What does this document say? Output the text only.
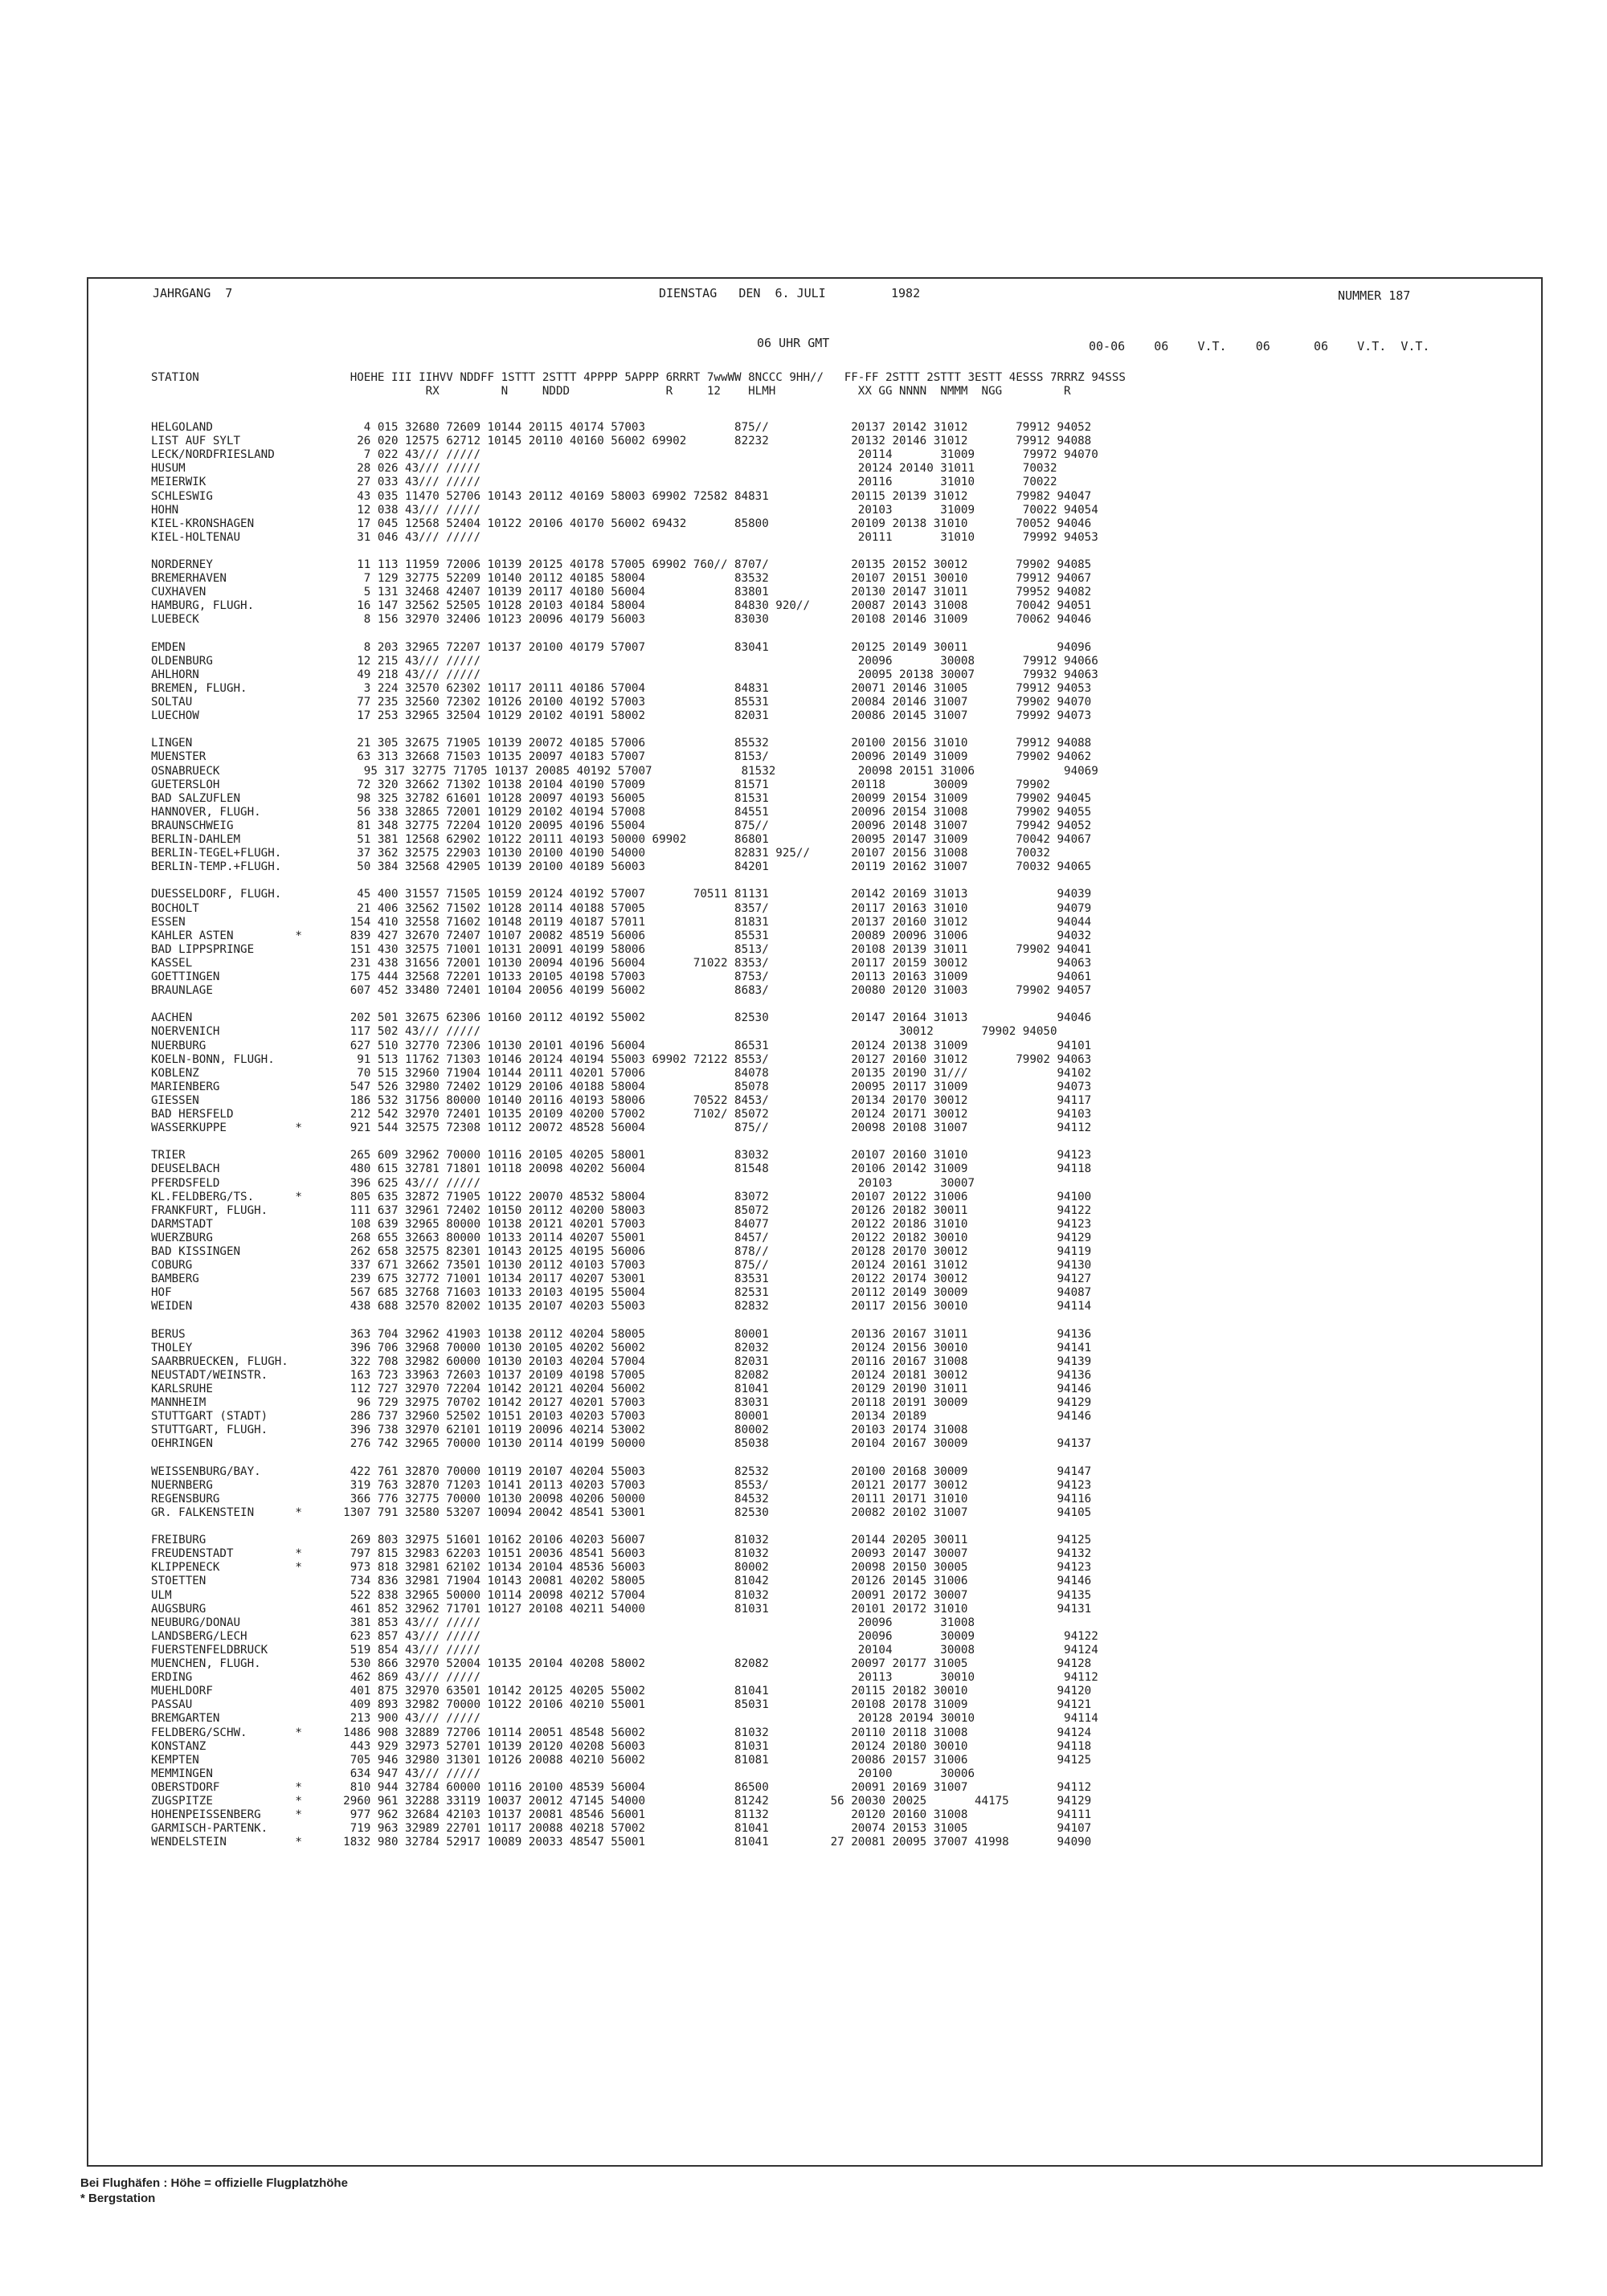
JAHRGANG  7	DIENSTAG   DEN  6. JULI         1982	NUMMER 187
06 UHR GMT	00-06    06    V.T.    06      06    V.T.  V.T.
STATION                      HOEHE III IIHVV NDDFF 1STTT 2STTT 4PPPP 5APPP 6RRRT 7wwWW 8NCCC 9HH//   FF-FF 2STTT 2STTT 3ESTT 4ESSS 7RRRZ 94SSS
RX         N     NDDD              R     12    HLMH            XX GG NNNN  NMMM  NGG         R
HELGOLAND                      4 015 32680 72609 10144 20115 40174 57003             875//            20137 20142 31012       79912 94052
LIST AUF SYLT                 26 020 12575 62712 10145 20110 40160 56002 69902       82232            20132 20146 31012       79912 94088
LECK/NORDFRIESLAND             7 022 43/// /////                                                       20114       31009       79972 94070
HUSUM                         28 026 43/// /////                                                       20124 20140 31011       70032
MEIERWIK                      27 033 43/// /////                                                       20116       31010       70022
SCHLESWIG                     43 035 11470 52706 10143 20112 40169 58003 69902 72582 84831            20115 20139 31012       79982 94047
HOHN                          12 038 43/// /////                                                       20103       31009       70022 94054
KIEL-KRONSHAGEN               17 045 12568 52404 10122 20106 40170 56002 69432       85800            20109 20138 31010       70052 94046
KIEL-HOLTENAU                 31 046 43/// /////                                                       20111       31010       79992 94053
NORDERNEY                     11 113 11959 72006 10139 20125 40178 57005 69902 760// 8707/            20135 20152 30012       79902 94085
BREMERHAVEN                    7 129 32775 52209 10140 20112 40185 58004             83532            20107 20151 30010       79912 94067
CUXHAVEN                       5 131 32468 42407 10139 20117 40180 56004             83801            20130 20147 31011       79952 94082
HAMBURG, FLUGH.               16 147 32562 52505 10128 20103 40184 58004             84830 920//      20087 20143 31008       70042 94051
LUEBECK                        8 156 32970 32406 10123 20096 40179 56003             83030            20108 20146 31009       70062 94046
EMDEN                          8 203 32965 72207 10137 20100 40179 57007             83041            20125 20149 30011             94096
OLDENBURG                     12 215 43/// /////                                                       20096       30008       79912 94066
AHLHORN                       49 218 43/// /////                                                       20095 20138 30007       79932 94063
BREMEN, FLUGH.                 3 224 32570 62302 10117 20111 40186 57004             84831            20071 20146 31005       79912 94053
SOLTAU                        77 235 32560 72302 10126 20100 40192 57003             85531            20084 20146 31007       79902 94070
LUECHOW                       17 253 32965 32504 10129 20102 40191 58002             82031            20086 20145 31007       79992 94073
LINGEN                        21 305 32675 71905 10139 20072 40185 57006             85532            20100 20156 31010       79912 94088
MUENSTER                      63 313 32668 71503 10135 20097 40183 57007             8153/            20096 20149 31009       79902 94062
OSNABRUECK                     95 317 32775 71705 10137 20085 40192 57007             81532            20098 20151 31006             94069
GUETERSLOH                    72 320 32662 71302 10138 20104 40190 57009             81571            20118       30009       79902
BAD SALZUFLEN                 98 325 32782 61601 10128 20097 40193 56005             81531            20099 20154 31009       79902 94045
HANNOVER, FLUGH.              56 338 32865 72001 10129 20102 40194 57008             84551            20096 20154 31008       79902 94055
BRAUNSCHWEIG                  81 348 32775 72204 10120 20095 40196 55004             875//            20096 20148 31007       79942 94052
BERLIN-DAHLEM                 51 381 12568 62902 10122 20111 40193 50000 69902       86801            20095 20147 31009       70042 94067
BERLIN-TEGEL+FLUGH.           37 362 32575 22903 10130 20100 40190 54000             82831 925//      20107 20156 31008       70032
BERLIN-TEMP.+FLUGH.           50 384 32568 42905 10139 20100 40189 56003             84201            20119 20162 31007       70032 94065
DUESSELDORF, FLUGH.           45 400 31557 71505 10159 20124 40192 57007       70511 81131            20142 20169 31013             94039
BOCHOLT                       21 406 32562 71502 10128 20114 40188 57005             8357/            20117 20163 31010             94079
ESSEN                        154 410 32558 71602 10148 20119 40187 57011             81831            20137 20160 31012             94044
KAHLER ASTEN         *       839 427 32670 72407 10107 20082 48519 56006             85531            20089 20096 31006             94032
BAD LIPPSPRINGE              151 430 32575 71001 10131 20091 40199 58006             8513/            20108 20139 31011       79902 94041
KASSEL                       231 438 31656 72001 10130 20094 40196 56004       71022 8353/            20117 20159 30012             94063
GOETTINGEN                   175 444 32568 72201 10133 20105 40198 57003             8753/            20113 20163 31009             94061
BRAUNLAGE                    607 452 33480 72401 10104 20056 40199 56002             8683/            20080 20120 31003       79902 94057
AACHEN                       202 501 32675 62306 10160 20112 40192 55002             82530            20147 20164 31013             94046
NOERVENICH                   117 502 43/// /////                                                             30012       79902 94050
NUERBURG                     627 510 32770 72306 10130 20101 40196 56004             86531            20124 20138 31009             94101
KOELN-BONN, FLUGH.            91 513 11762 71303 10146 20124 40194 55003 69902 72122 8553/            20127 20160 31012       79902 94063
KOBLENZ                       70 515 32960 71904 10144 20111 40201 57006             84078            20135 20190 31///             94102
MARIENBERG                   547 526 32980 72402 10129 20106 40188 58004             85078            20095 20117 31009             94073
GIESSEN                      186 532 31756 80000 10140 20116 40193 58006       70522 8453/            20134 20170 30012             94117
BAD HERSFELD                 212 542 32970 72401 10135 20109 40200 57002       7102/ 85072            20124 20171 30012             94103
WASSERKUPPE          *       921 544 32575 72308 10112 20072 48528 56004             875//            20098 20108 31007             94112
TRIER                        265 609 32962 70000 10116 20105 40205 58001             83032            20107 20160 31010             94123
DEUSELBACH                   480 615 32781 71801 10118 20098 40202 56004             81548            20106 20142 31009             94118
PFERDSFELD                   396 625 43/// /////                                                       20103       30007
KL.FELDBERG/TS.      *       805 635 32872 71905 10122 20070 48532 58004             83072            20107 20122 31006             94100
FRANKFURT, FLUGH.            111 637 32961 72402 10150 20112 40200 58003             85072            20126 20182 30011             94122
DARMSTADT                    108 639 32965 80000 10138 20121 40201 57003             84077            20122 20186 31010             94123
WUERZBURG                    268 655 32663 80000 10133 20114 40207 55001             8457/            20122 20182 30010             94129
BAD KISSINGEN                262 658 32575 82301 10143 20125 40195 56006             878//            20128 20170 30012             94119
COBURG                       337 671 32662 73501 10130 20112 40103 57003             875//            20124 20161 31012             94130
BAMBERG                      239 675 32772 71001 10134 20117 40207 53001             83531            20122 20174 30012             94127
HOF                          567 685 32768 71603 10133 20103 40195 55004             82531            20112 20149 30009             94087
WEIDEN                       438 688 32570 82002 10135 20107 40203 55003             82832            20117 20156 30010             94114
BERUS                        363 704 32962 41903 10138 20112 40204 58005             80001            20136 20167 31011             94136
THOLEY                       396 706 32968 70000 10130 20105 40202 56002             82032            20124 20156 30010             94141
SAARBRUECKEN, FLUGH.         322 708 32982 60000 10130 20103 40204 57004             82031            20116 20167 31008             94139
NEUSTADT/WEINSTR.            163 723 33963 72603 10137 20109 40198 57005             82082            20124 20181 30012             94136
KARLSRUHE                    112 727 32970 72204 10142 20121 40204 56002             81041            20129 20190 31011             94146
MANNHEIM                      96 729 32975 70702 10142 20127 40201 57003             83031            20118 20191 30009             94129
STUTTGART (STADT)            286 737 32960 52502 10151 20103 40203 57003             80001            20134 20189                   94146
STUTTGART, FLUGH.            396 738 32970 62101 10119 20096 40214 53002             80002            20103 20174 31008
OEHRINGEN                    276 742 32965 70000 10130 20114 40199 50000             85038            20104 20167 30009             94137
WEISSENBURG/BAY.             422 761 32870 70000 10119 20107 40204 55003             82532            20100 20168 30009             94147
NUERNBERG                    319 763 32870 71203 10141 20113 40203 57003             8553/            20121 20177 30012             94123
REGENSBURG                   366 776 32775 70000 10130 20098 40206 50000             84532            20111 20171 31010             94116
GR. FALKENSTEIN      *      1307 791 32580 53207 10094 20042 48541 53001             82530            20082 20102 31007             94105
FREIBURG                     269 803 32975 51601 10162 20106 40203 56007             81032            20144 20205 30011             94125
FREUDENSTADT         *       797 815 32983 62203 10151 20036 48541 56003             81032            20093 20147 30007             94132
KLIPPENECK           *       973 818 32981 62102 10134 20104 48536 56003             80002            20098 20150 30005             94123
STOETTEN                     734 836 32981 71904 10143 20081 40202 58005             81042            20126 20145 31006             94146
ULM                          522 838 32965 50000 10114 20098 40212 57004             81032            20091 20172 30007             94135
AUGSBURG                     461 852 32962 71701 10127 20108 40211 54000             81031            20101 20172 31010             94131
NEUBURG/DONAU                381 853 43/// /////                                                       20096       31008
LANDSBERG/LECH               623 857 43/// /////                                                       20096       30009             94122
FUERSTENFELDBRUCK            519 854 43/// /////                                                       20104       30008             94124
MUENCHEN, FLUGH.             530 866 32970 52004 10135 20104 40208 58002             82082            20097 20177 31005             94128
ERDING                       462 869 43/// /////                                                       20113       30010             94112
MUEHLDORF                    401 875 32970 63501 10142 20125 40205 55002             81041            20115 20182 30010             94120
PASSAU                       409 893 32982 70000 10122 20106 40210 55001             85031            20108 20178 31009             94121
BREMGARTEN                   213 900 43/// /////                                                       20128 20194 30010             94114
FELDBERG/SCHW.       *      1486 908 32889 72706 10114 20051 48548 56002             81032            20110 20118 31008             94124
KONSTANZ                     443 929 32973 52701 10139 20120 40208 56003             81031            20124 20180 30010             94118
KEMPTEN                      705 946 32980 31301 10126 20088 40210 56002             81081            20086 20157 31006             94125
MEMMINGEN                    634 947 43/// /////                                                       20100       30006
OBERSTDORF           *       810 944 32784 60000 10116 20100 48539 56004             86500            20091 20169 31007             94112
ZUGSPITZE            *      2960 961 32288 33119 10037 20012 47145 54000             81242         56 20030 20025       44175       94129
HOHENPEISSENBERG     *       977 962 32684 42103 10137 20081 48546 56001             81132            20120 20160 31008             94111
GARMISCH-PARTENK.            719 963 32989 22701 10117 20088 40218 57002             81041            20074 20153 31005             94107
WENDELSTEIN          *      1832 980 32784 52917 10089 20033 48547 55001             81041         27 20081 20095 37007 41998       94090
Bei Flughäfen : Höhe = offizielle Flugplatzhöhe
* Bergstation
